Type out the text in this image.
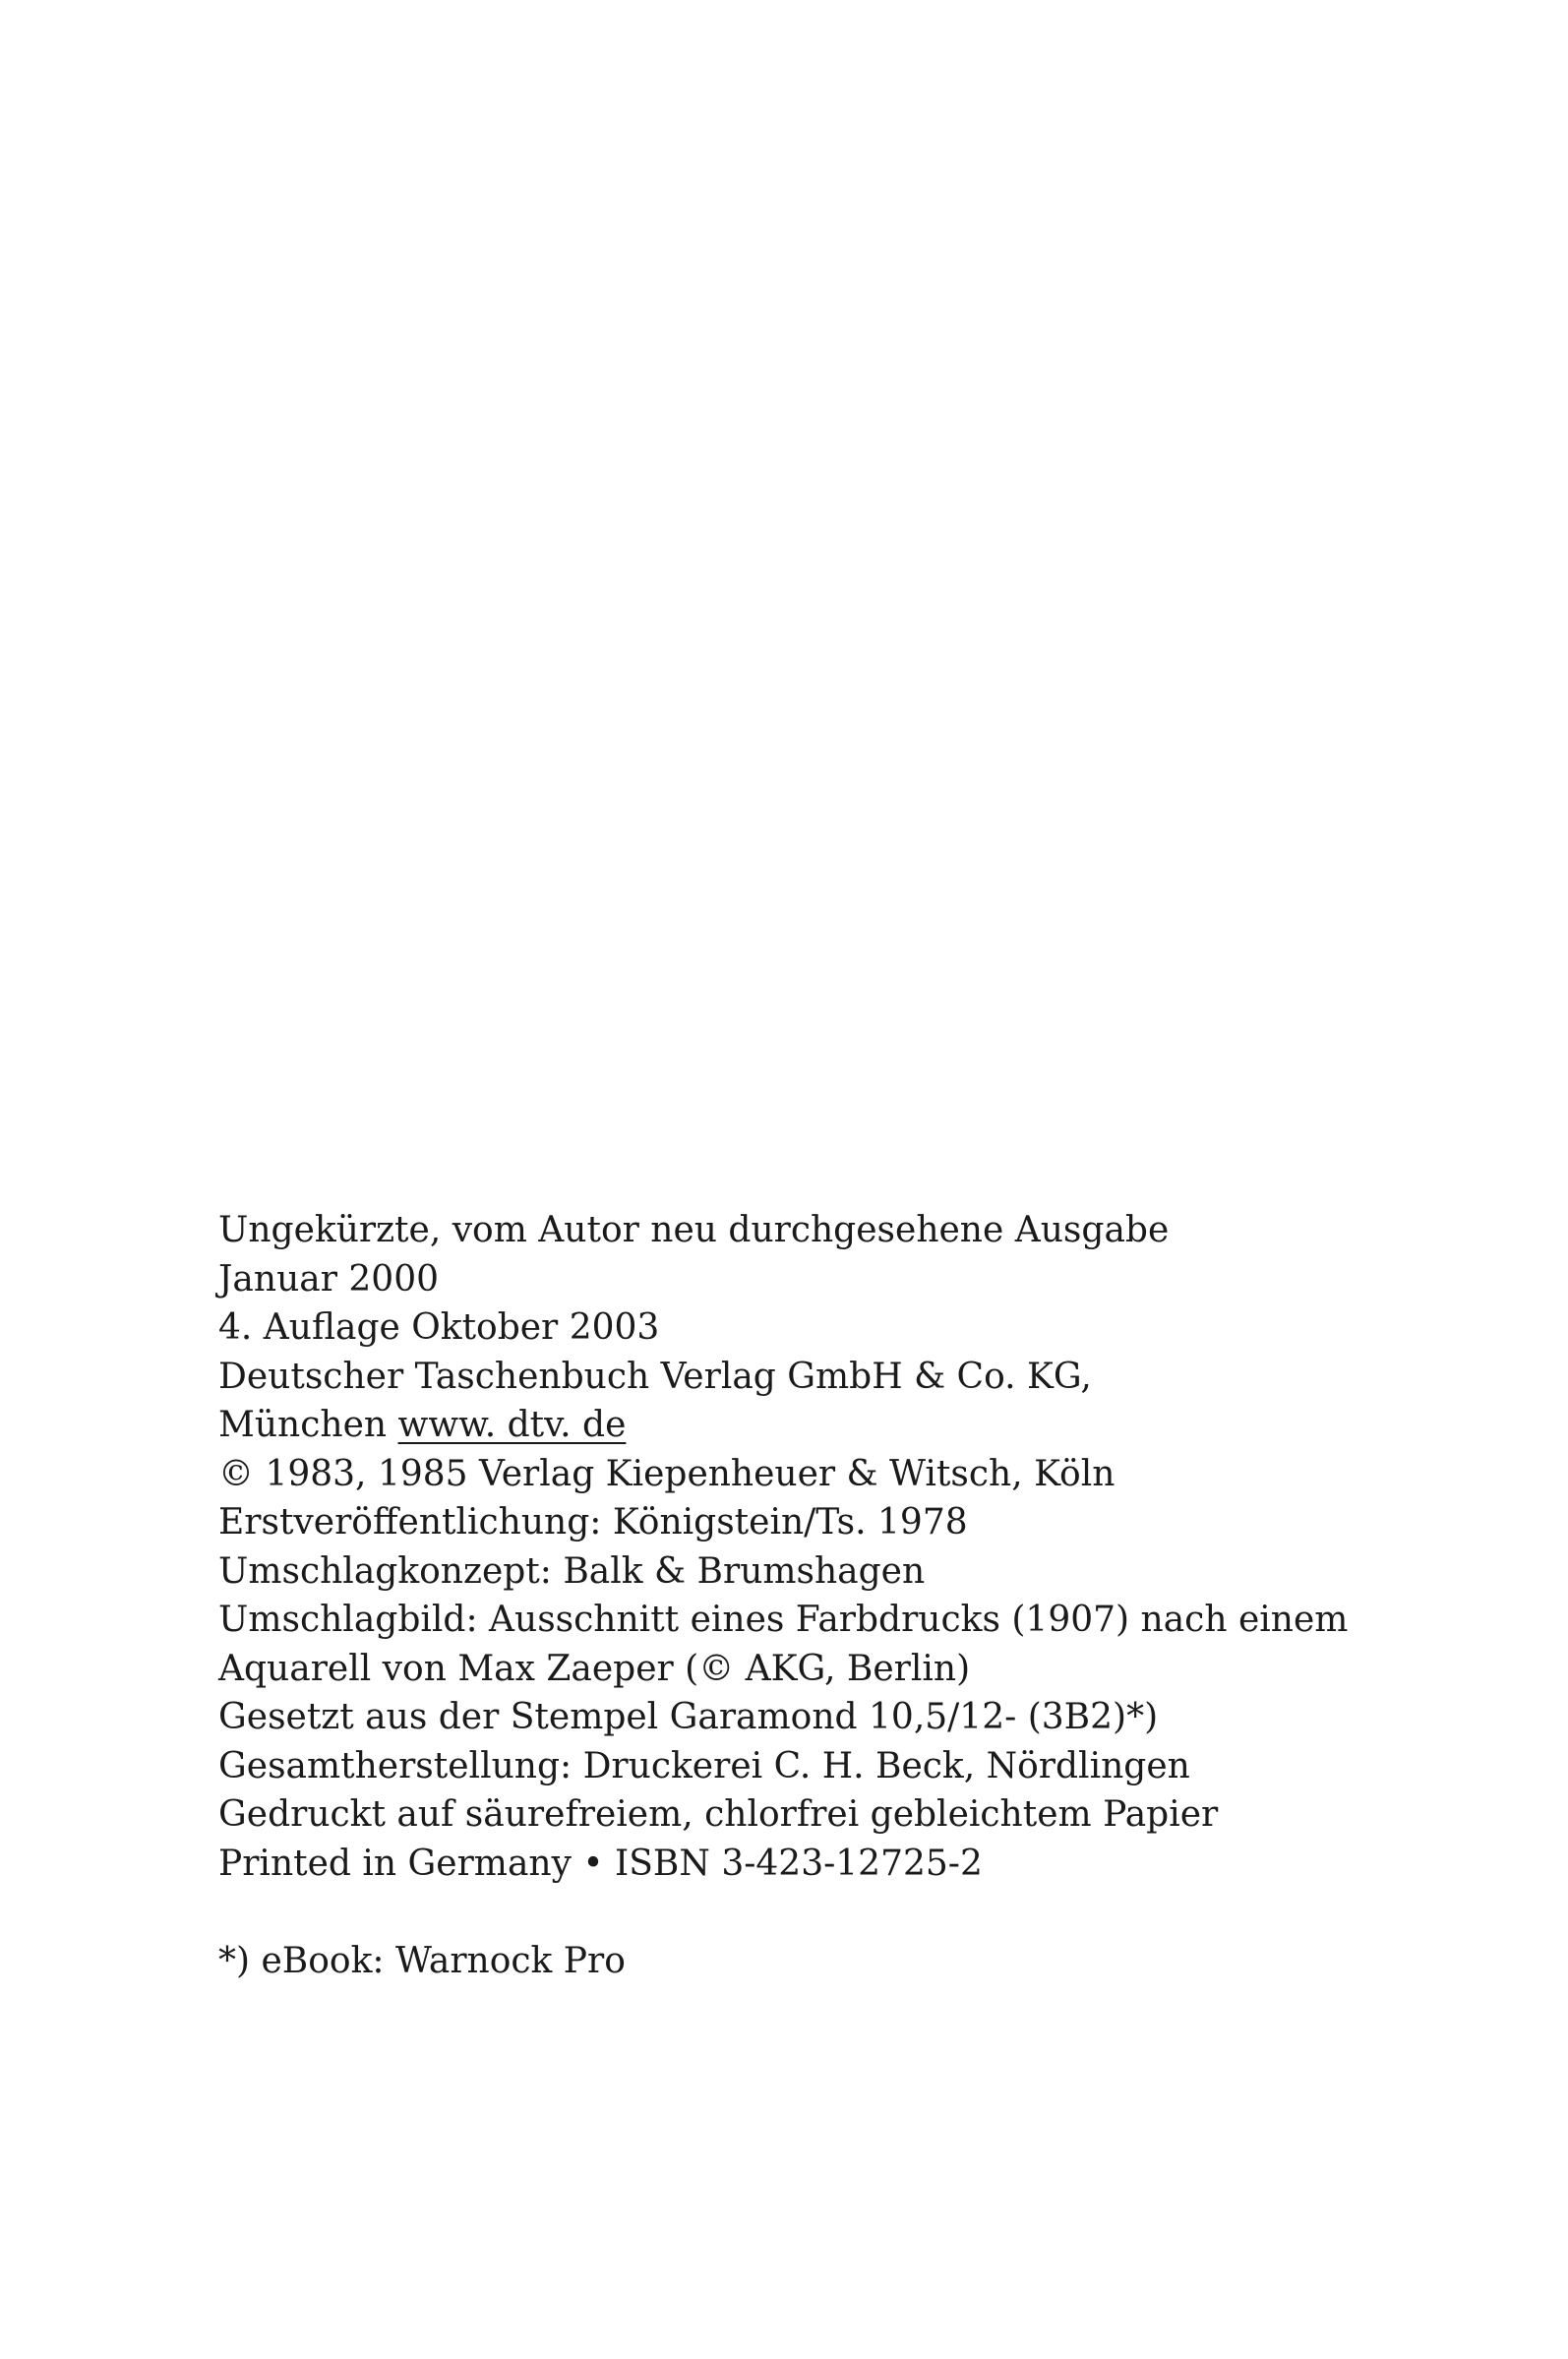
Ungekürzte, vom Autor neu durchgesehene Ausgabe
Januar 2000
4. Auflage Oktober 2003
Deutscher Taschenbuch Verlag GmbH & Co. KG,
München www. dtv. de
© 1983, 1985 Verlag Kiepenheuer & Witsch, Köln
Erstveröffentlichung: Königstein/Ts. 1978
Umschlagkonzept: Balk & Brumshagen
Umschlagbild: Ausschnitt eines Farbdrucks (1907) nach einem
Aquarell von Max Zaeper (© AKG, Berlin)
Gesetzt aus der Stempel Garamond 10,5/12- (3B2)*)
Gesamtherstellung: Druckerei C. H. Beck, Nördlingen
Gedruckt auf säurefreiem, chlorfrei gebleichtem Papier
Printed in Germany • ISBN 3-423-12725-2
*) eBook: Warnock Pro
